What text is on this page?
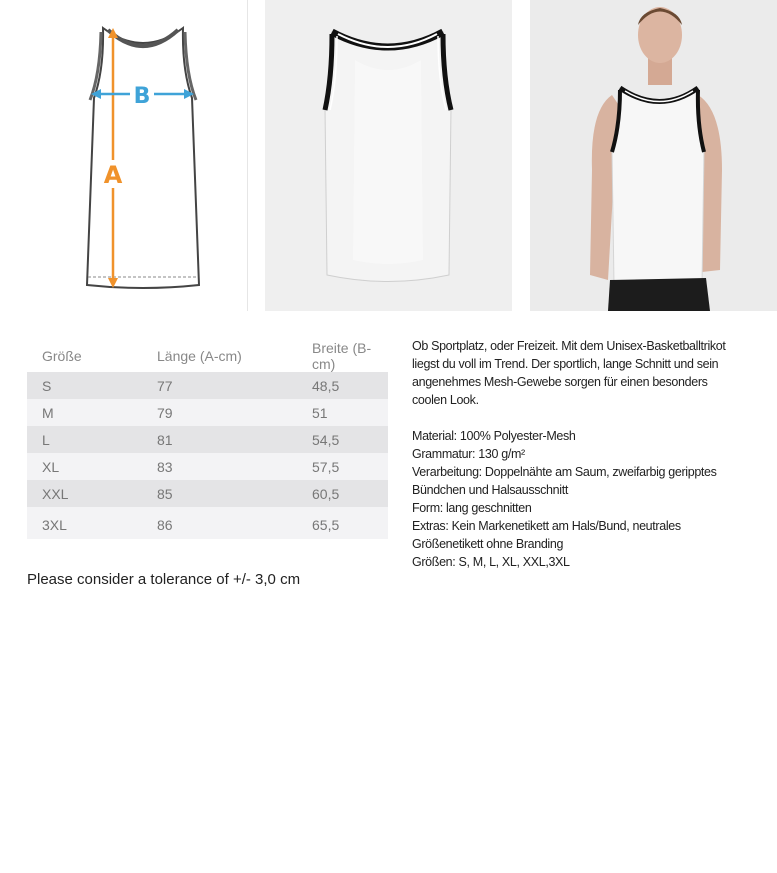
A
B
Größe	Länge (A-cm)	Breite (B-cm)
S	77	48,5
M	79	51
L	81	54,5
XL	83	57,5
XXL	85	60,5
3XL	86	65,5

Please consider a tolerance of +/- 3,0 cm

Ob Sportplatz, oder Freizeit. Mit dem Unisex-Basketballtrikot liegst du voll im Trend. Der sportlich, lange Schnitt und sein angenehmes Mesh-Gewebe sorgen für einen besonders coolen Look.

Material: 100% Polyester-Mesh

Grammatur: 130 g/m²

Verarbeitung: Doppelnähte am Saum, zweifarbig geripptes Bündchen und Halsausschnitt

Form: lang geschnitten

Extras: Kein Markenetikett am Hals/Bund, neutrales Größenetikett ohne Branding

Größen: S, M, L, XL, XXL,3XL
